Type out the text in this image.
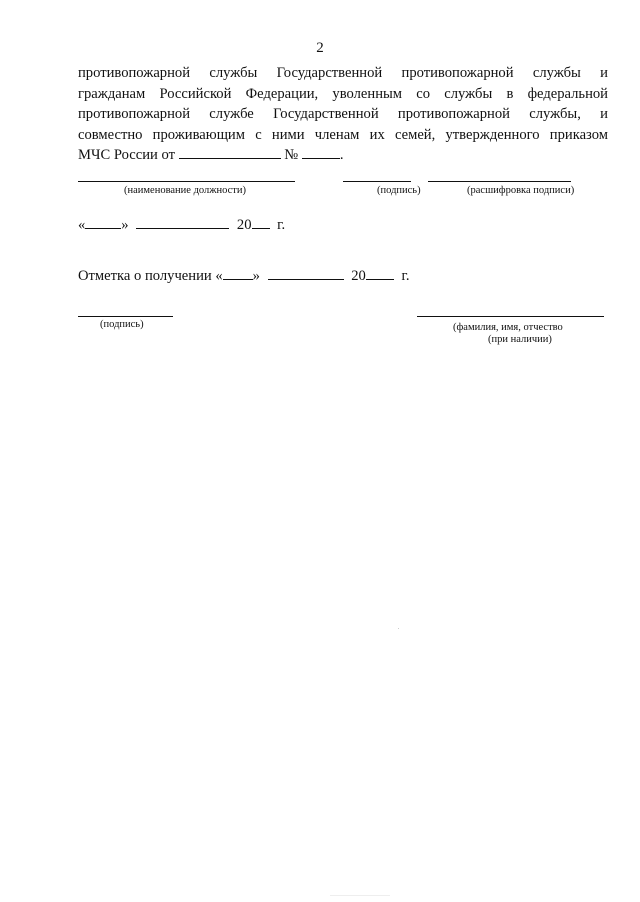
2
противопожарной службы Государственной противопожарной службы и
гражданам Российской Федерации, уволенным со службы в федеральной
противопожарной службе Государственной противопожарной службы, и
совместно проживающим с ними членам их семей, утвержденного приказом
МЧС России от	№	.
(наименование должности)	(подпись)	(расшифровка подписи)
« »	20 г.
Отметка о получении « »	20 г.
(подпись)	(фамилия, имя, отчество
(при наличии)
